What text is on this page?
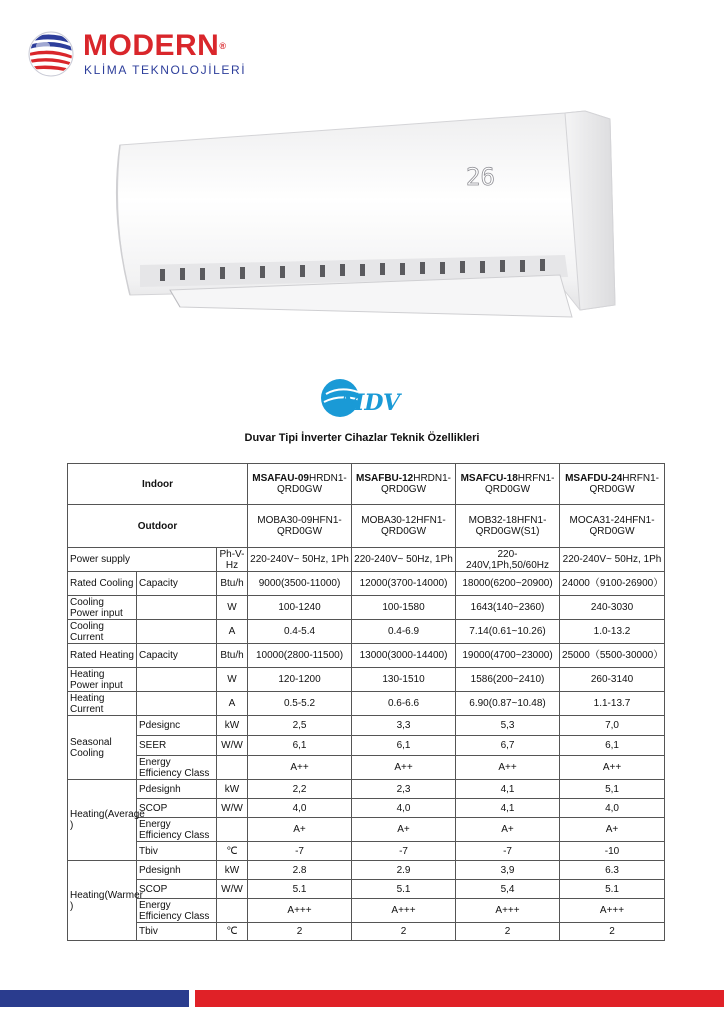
MODERN®
KLİMA TEKNOLOJİLERİ
26
MDV
Duvar Tipi İnverter Cihazlar Teknik Özellikleri
Indoor			MSAFAU-09HRDN1-QRD0GW	MSAFBU-12HRDN1-QRD0GW	MSAFCU-18HRFN1-QRD0GW	MSAFDU-24HRFN1-QRD0GW
Outdoor			MOBA30-09HFN1-QRD0GW	MOBA30-12HFN1-QRD0GW	MOB32-18HFN1-QRD0GW(S1)	MOCA31-24HFN1-QRD0GW
Power supply		Ph-V-Hz	220-240V~ 50Hz, 1Ph	220-240V~ 50Hz, 1Ph	220-240V,1Ph,50/60Hz	220-240V~ 50Hz, 1Ph
Rated Cooling	Capacity	Btu/h	9000(3500-11000)	12000(3700-14000)	18000(6200~20900)	24000（9100-26900）
Cooling Power input		W	100-1240	100-1580	1643(140~2360)	240-3030
Cooling Current		A	0.4-5.4	0.4-6.9	7.14(0.61~10.26)	1.0-13.2
Rated Heating	Capacity	Btu/h	10000(2800-11500)	13000(3000-14400)	19000(4700~23000)	25000（5500-30000）
Heating Power input		W	120-1200	130-1510	1586(200~2410)	260-3140
Heating Current		A	0.5-5.2	0.6-6.6	6.90(0.87~10.48)	1.1-13.7
Seasonal Cooling	Pdesignc	kW	2,5	3,3	5,3	7,0
	SEER	W/W	6,1	6,1	6,7	6,1
	Energy Efficiency Class		A++	A++	A++	A++
Heating(Average )	Pdesignh	kW	2,2	2,3	4,1	5,1
	SCOP	W/W	4,0	4,0	4,1	4,0
	Energy Efficiency Class		A+	A+	A+	A+
	Tbiv	℃	-7	-7	-7	-10
Heating(Warmer )	Pdesignh	kW	2.8	2.9	3,9	6.3
	SCOP	W/W	5.1	5.1	5,4	5.1
	Energy Efficiency Class		A+++	A+++	A+++	A+++
	Tbiv	℃	2	2	2	2
